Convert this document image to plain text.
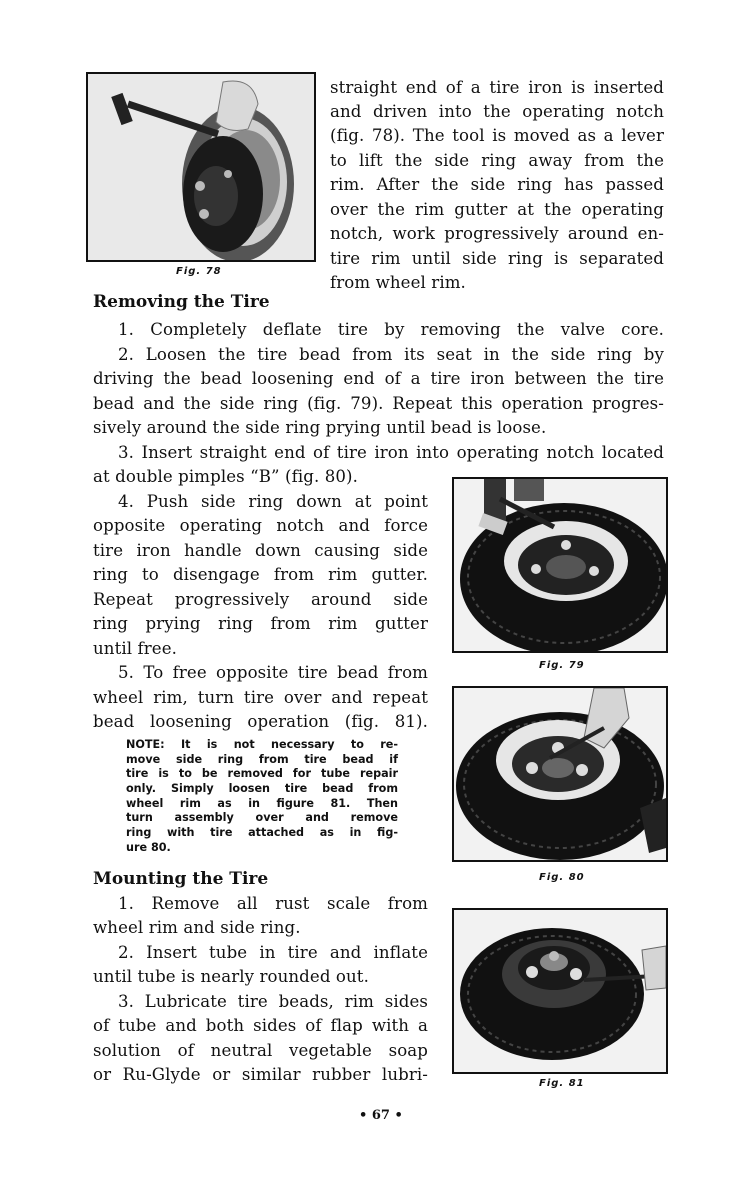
Fig. 78
straight end of a tire iron is inserted
and driven into the operating notch
(fig. 78). The tool is moved as a lever
to lift the side ring away from the
rim. After the side ring has passed
over the rim gutter at the operating
notch, work progressively around en-
tire rim until side ring is separated
from wheel rim.
Removing the Tire
1. Completely deflate tire by removing the valve core.
2. Loosen the tire bead from its seat in the side ring by
driving the bead loosening end of a tire iron between the tire
bead and the side ring (fig. 79). Repeat this operation progres-
sively around the side ring prying until bead is loose.
3. Insert straight end of tire iron into operating notch located
at double pimples “B” (fig. 80).
4. Push side ring down at point
opposite operating notch and force
tire iron handle down causing side
ring to disengage from rim gutter.
Repeat progressively around side
ring prying ring from rim gutter
until free.
5. To free opposite tire bead from
wheel rim, turn tire over and repeat
bead loosening operation (fig. 81).
NOTE: It is not necessary to re-
move side ring from tire bead if
tire is to be removed for tube repair
only. Simply loosen tire bead from
wheel rim as in figure 81. Then
turn assembly over and remove
ring with tire attached as in fig-
ure 80.
Mounting the Tire
1. Remove all rust scale from
wheel rim and side ring.
2. Insert tube in tire and inflate
until tube is nearly rounded out.
3. Lubricate tire beads, rim sides
of tube and both sides of flap with a
solution of neutral vegetable soap
or Ru-Glyde or similar rubber lubri-
Fig. 79
Fig. 80
Fig. 81
• 67 •
